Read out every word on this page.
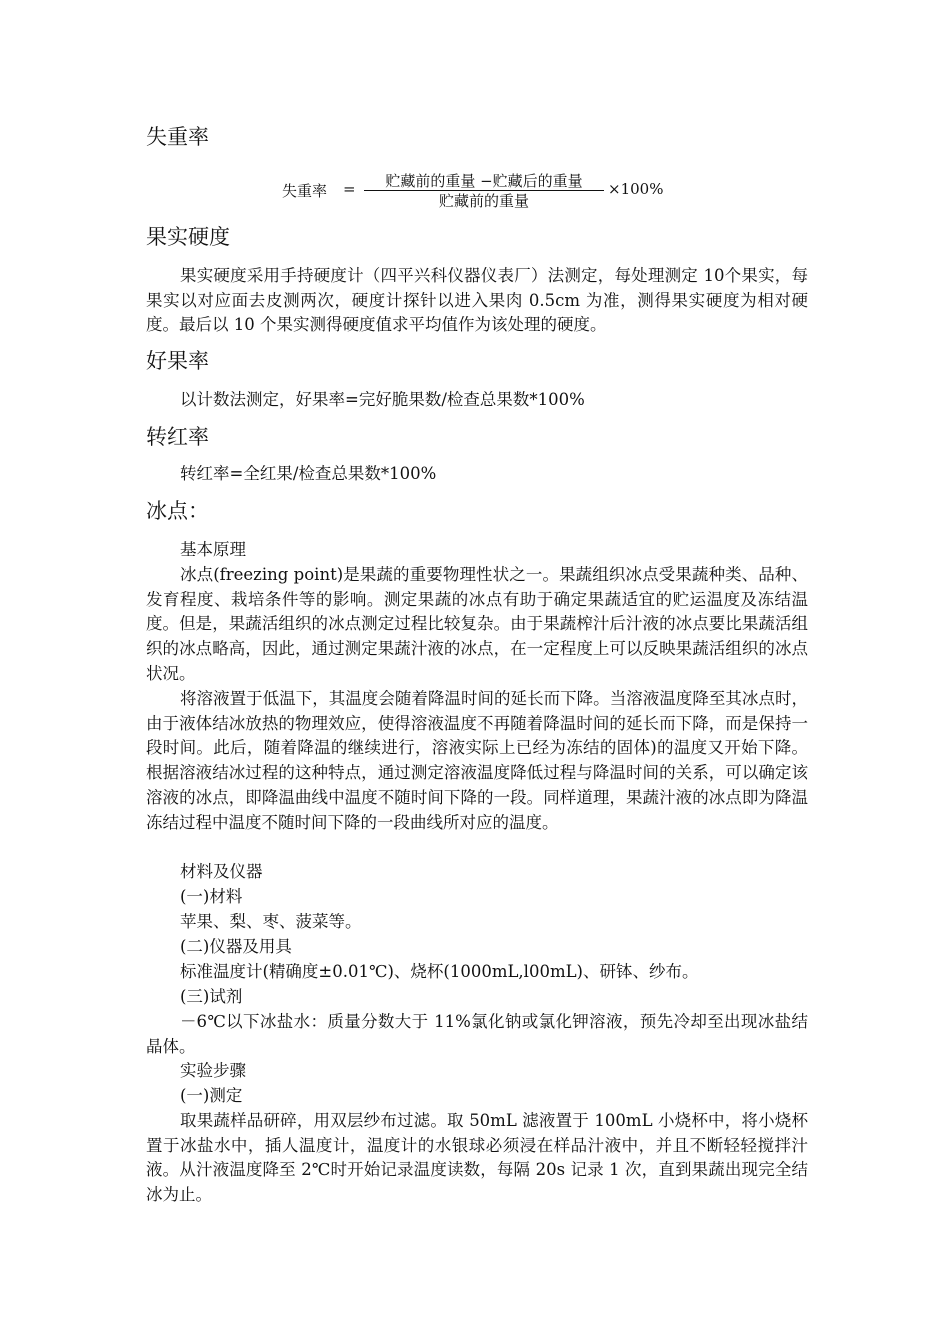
失重率
失重率 =	贮藏前的重量 −贮藏后的重量
贮藏前的重量
×100%
果实硬度

果实硬度采用手持硬度计（四平兴科仪器仪表厂）法测定，每处理测定 10个果实，每果实以对应面去皮测两次，硬度计探针以进入果肉 0.5cm 为准，测得果实硬度为相对硬度。最后以 10 个果实测得硬度值求平均值作为该处理的硬度。

好果率
以计数法测定，好果率=完好脆果数/检查总果数*100%
转红率
转红率=全红果/检查总果数*100%
冰点：
基本原理

冰点(freezing point)是果蔬的重要物理性状之一。果蔬组织冰点受果蔬种类、品种、发育程度、栽培条件等的影响。测定果蔬的冰点有助于确定果蔬适宜的贮运温度及冻结温度。但是，果蔬活组织的冰点测定过程比较复杂。由于果蔬榨汁后汁液的冰点要比果蔬活组织的冰点略高，因此，通过测定果蔬汁液的冰点，在一定程度上可以反映果蔬活组织的冰点状况。

将溶液置于低温下，其温度会随着降温时间的延长而下降。当溶液温度降至其冰点时，由于液体结冰放热的物理效应，使得溶液温度不再随着降温时间的延长而下降，而是保持一段时间。此后，随着降温的继续进行，溶液实际上已经为冻结的固体)的温度又开始下降。根据溶液结冰过程的这种特点，通过测定溶液温度降低过程与降温时间的关系，可以确定该溶液的冰点，即降温曲线中温度不随时间下降的一段。同样道理，果蔬汁液的冰点即为降温冻结过程中温度不随时间下降的一段曲线所对应的温度。

材料及仪器
(一)材料
苹果、梨、枣、菠菜等。
(二)仪器及用具
标准温度计(精确度±0.01℃)、烧杯(1000mL,l00mL)、研钵、纱布。
(三)试剂

－6℃以下冰盐水：质量分数大于 11%氯化钠或氯化钾溶液，预先冷却至出现冰盐结晶体。

实验步骤
(一)测定

取果蔬样品研碎，用双层纱布过滤。取 50mL 滤液置于 100mL 小烧杯中，将小烧杯置于冰盐水中，插人温度计，温度计的水银球必须浸在样品汁液中，并且不断轻轻搅拌汁液。从汁液温度降至 2℃时开始记录温度读数，每隔 20s 记录 1 次，直到果蔬出现完全结冰为止。
